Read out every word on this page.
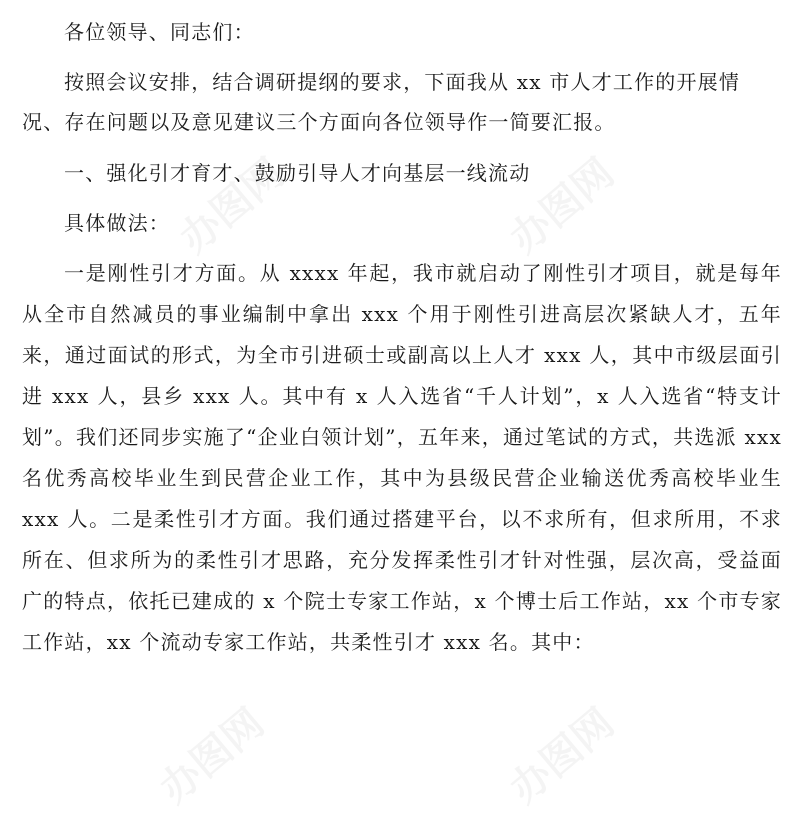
各位领导、同志们：

按照会议安排，结合调研提纲的要求，下面我从 xx 市人才工作的开展情况、存在问题以及意见建议三个方面向各位领导作一简要汇报。

一、强化引才育才、鼓励引导人才向基层一线流动

具体做法：

一是刚性引才方面。从 xxxx 年起，我市就启动了刚性引才项目，就是每年从全市自然减员的事业编制中拿出 xxx 个用于刚性引进高层次紧缺人才，五年来，通过面试的形式，为全市引进硕士或副高以上人才 xxx 人，其中市级层面引进 xxx 人，县乡 xxx 人。其中有 x 人入选省“千人计划”，x 人入选省“特支计划”。我们还同步实施了“企业白领计划”，五年来，通过笔试的方式，共选派 xxx 名优秀高校毕业生到民营企业工作，其中为县级民营企业输送优秀高校毕业生 xxx 人。二是柔性引才方面。我们通过搭建平台，以不求所有，但求所用，不求所在、但求所为的柔性引才思路，充分发挥柔性引才针对性强，层次高，受益面广的特点，依托已建成的 x 个院士专家工作站，x 个博士后工作站，xx 个市专家工作站，xx 个流动专家工作站，共柔性引才 xxx 名。其中：
